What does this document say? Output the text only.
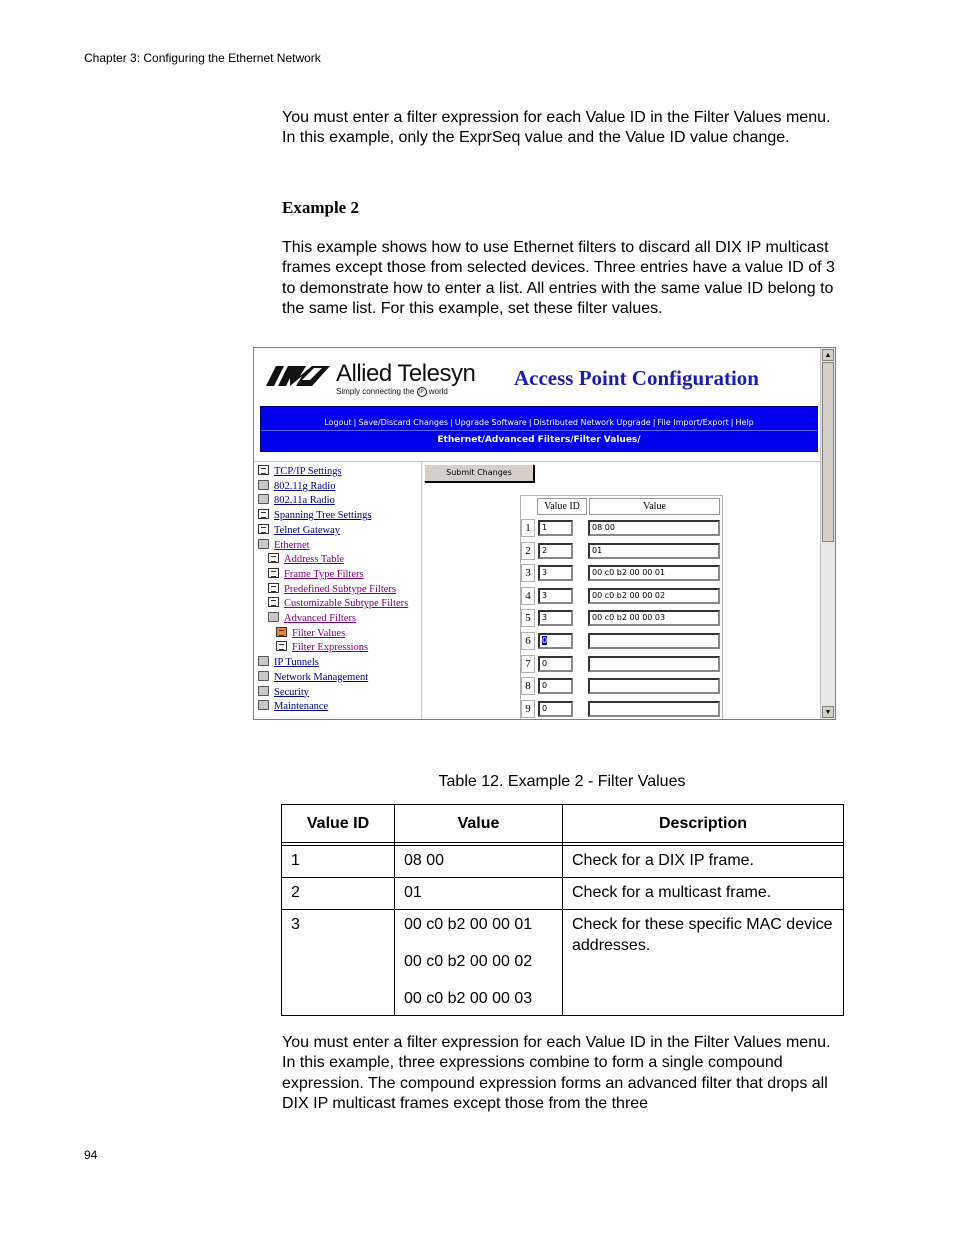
Chapter 3: Configuring the Ethernet Network

You must enter a filter expression for each Value ID in the Filter Values menu. In this example, only the ExprSeq value and the Value ID value change.

Example 2

This example shows how to use Ethernet filters to discard all DIX IP multicast frames except those from selected devices. Three entries have a value ID of 3 to demonstrate how to enter a list. All entries with the same value ID belong to the same list. For this example, set these filter values.

Allied Telesyn
Simply connecting the IP world
Access Point Configuration
Logout | Save/Discard Changes | Upgrade Software | Distributed Network Upgrade | File Import/Export | Help
Ethernet/Advanced Filters/Filter Values/
TCP/IP Settings
802.11g Radio
802.11a Radio
Spanning Tree Settings
Telnet Gateway
Ethernet
Address Table
Frame Type Filters
Predefined Subtype Filters
Customizable Subtype Filters
Advanced Filters
Filter Values
Filter Expressions
IP Tunnels
Network Management
Security
Maintenance
Submit Changes
Value ID	Value
1	1	08 00
2	2	01
3	3	00 c0 b2 00 00 01
4	3	00 c0 b2 00 00 02
5	3	00 c0 b2 00 00 03
6	0
7	0
8	0
9	0
▲
▼
Table 12. Example 2 - Filter Values
Value ID	Value	Description

1	08 00	Check for a DIX IP frame.
2	01	Check for a multicast frame.
3	00 c0 b2 00 00 01
00 c0 b2 00 00 02
00 c0 b2 00 00 03	Check for these specific MAC device addresses.

You must enter a filter expression for each Value ID in the Filter Values menu. In this example, three expressions combine to form a single compound expression. The compound expression forms an advanced filter that drops all DIX IP multicast frames except those from the three

94
